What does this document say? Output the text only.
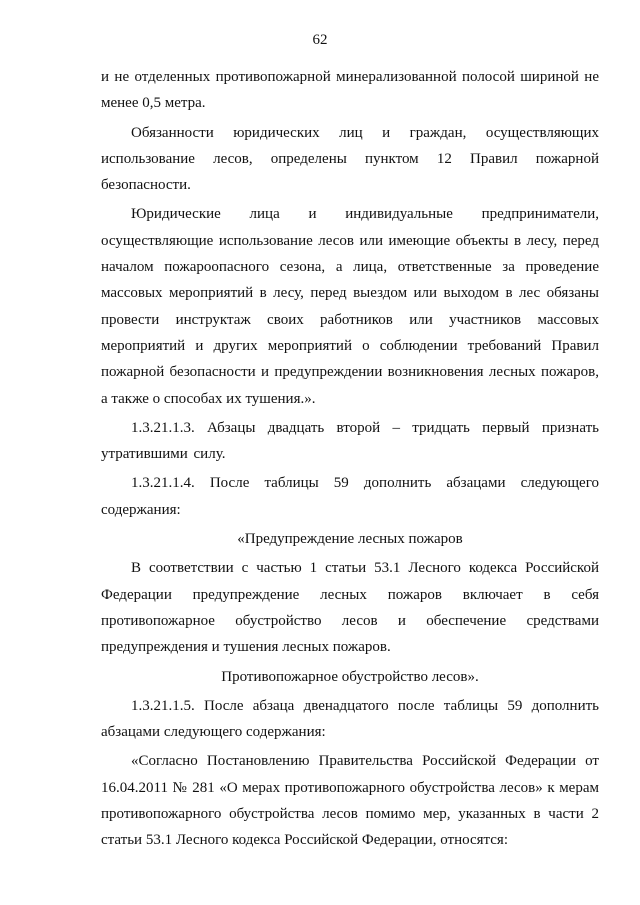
62

и не отделенных противопожарной минерализованной полосой шириной не менее 0,5 метра.

Обязанности юридических лиц и граждан, осуществляющих использование лесов, определены пунктом 12 Правил пожарной безопасности.

Юридические лица и индивидуальные предприниматели, осуществляющие использование лесов или имеющие объекты в лесу, перед началом пожароопасного сезона, а лица, ответственные за проведение массовых мероприятий в лесу, перед выездом или выходом в лес обязаны провести инструктаж своих работников или участников массовых мероприятий и других мероприятий о соблюдении требований Правил пожарной безопасности и предупреждении возникновения лесных пожаров, а также о способах их тушения.».

1.3.21.1.3. Абзацы двадцать второй – тридцать первый признать утратившими силу.

1.3.21.1.4. После таблицы 59 дополнить абзацами следующего содержания:

«Предупреждение лесных пожаров

В соответствии с частью 1 статьи 53.1 Лесного кодекса Российской Федерации предупреждение лесных пожаров включает в себя противопожарное обустройство лесов и обеспечение средствами предупреждения и тушения лесных пожаров.

Противопожарное обустройство лесов».

1.3.21.1.5. После абзаца двенадцатого после таблицы 59 дополнить абзацами следующего содержания:

«Согласно Постановлению Правительства Российской Федерации от 16.04.2011 № 281 «О мерах противопожарного обустройства лесов» к мерам противопожарного обустройства лесов помимо мер, указанных в части 2 статьи 53.1 Лесного кодекса Российской Федерации, относятся:
